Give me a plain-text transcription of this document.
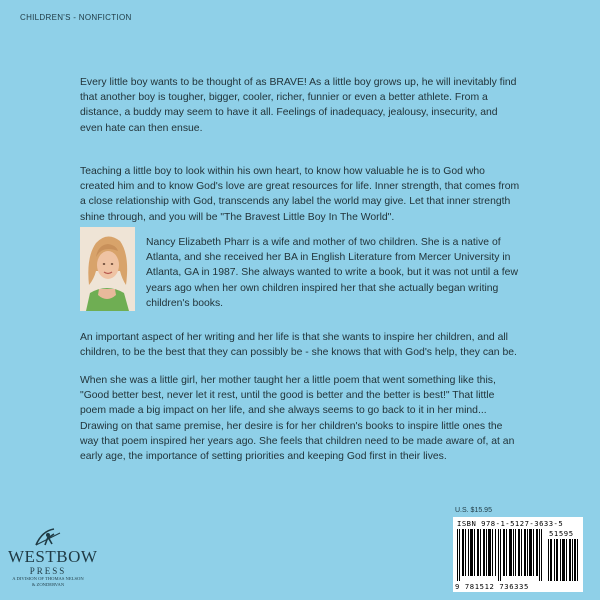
CHILDREN'S - NONFICTION

Every little boy wants to be thought of as BRAVE! As a little boy grows up, he will inevitably find that another boy is tougher, bigger, cooler, richer, funnier or even a better athlete. From a distance, a buddy may seem to have it all. Feelings of inadequacy, jealousy, insecurity, and even hate can then ensue.

Teaching a little boy to look within his own heart, to know how valuable he is to God who created him and to know God's love are great resources for life. Inner strength, that comes from a close relationship with God, transcends any label the world may give. Let that inner strength shine through, and you will be "The Bravest Little Boy In The World".

Nancy Elizabeth Pharr is a wife and mother of two children. She is a native of Atlanta, and she received her BA in English Literature from Mercer University in Atlanta, GA in 1987. She always wanted to write a book, but it was not until a few years ago when her own children inspired her that she actually began writing children's books.

An important aspect of her writing and her life is that she wants to inspire her children, and all children, to be the best that they can possibly be - she knows that with God's help, they can be.

When she was a little girl, her mother taught her a little poem that went something like this, "Good better best, never let it rest, until the good is better and the better is best!" That little poem made a big impact on her life, and she always seems to go back to it in her mind... Drawing on that same premise, her desire is for her children's books to inspire little ones the way that poem inspired her years ago. She feels that children need to be made aware of, at an early age, the importance of setting priorities and keeping God first in their lives.

WESTBOW
PRESS
A DIVISION OF THOMAS NELSON
& ZONDERVAN
U.S. $15.95
ISBN 978-1-5127-3633-5
51595
9 781512 736335
